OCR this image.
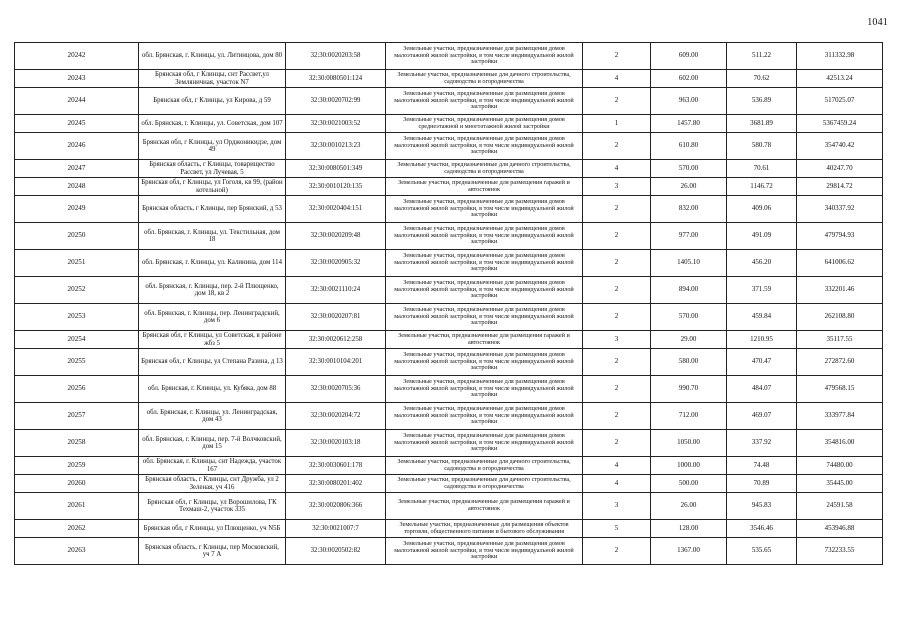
1041
20242	обл. Брянская, г. Клинцы, ул. Литинцова, дом 80	32:30:0020203:58	Земельные участки, предназначенные для размещения домов малоэтажной жилой застройки, в том числе индивидуальной жилой застройки	2	609.00	511.22	311332.98
20243	Брянская обл, г Клинцы, снт Рассвет,ул Земляничная, участок N7	32:30:0080501:124	Земельные участки, предназначенные для дачного строительства, садоводства и огородничества	4	602.00	70.62	42513.24
20244	Брянская обл, г Клинцы, ул Кирова, д 59	32:30:0020702:99	Земельные участки, предназначенные для размещения домов малоэтажной жилой застройки, в том числе индивидуальной жилой застройки	2	963.00	536.89	517025.07
20245	обл. Брянская, г. Клинцы, ул. Советская, дом 107	32:30:0021003:52	Земельные участки, предназначенные для размещения домов среднеэтажной и многоэтажной жилой застройки	1	1457.80	3681.89	5367459.24
20246	Брянская обл, г Клинцы, ул Орджоникидзе, дом 49	32:30:0010213:23	Земельные участки, предназначенные для размещения домов малоэтажной жилой застройки, в том числе индивидуальной жилой застройки	2	610.80	580.78	354740.42
20247	Брянская область, г Клинцы, товарищество Рассвет, ул Лучевая, 5	32:30:0080501:349	Земельные участки, предназначенные для дачного строительства, садоводства и огородничества	4	570.00	70.61	40247.70
20248	Брянская обл, г Клинцы, ул Гоголя, кв 99, (район котельной)	32:30:0010120:135	Земельные участки, предназначенные для размещения гаражей и автостоянок	3	26.00	1146.72	29814.72
20249	Брянская область, г Клинцы, пер Брянский, д 53	32:30:0020404:151	Земельные участки, предназначенные для размещения домов малоэтажной жилой застройки, в том числе индивидуальной жилой застройки	2	832.00	409.06	340337.92
20250	обл. Брянская, г. Клинцы, ул. Текстильная, дом 18	32:30:0020209:48	Земельные участки, предназначенные для размещения домов малоэтажной жилой застройки, в том числе индивидуальной жилой застройки	2	977.00	491.09	479794.93
20251	обл. Брянская, г. Клинцы, ул. Калинина, дом 114	32:30:0020905:32	Земельные участки, предназначенные для размещения домов малоэтажной жилой застройки, в том числе индивидуальной жилой застройки	2	1405.10	456.20	641006.62
20252	обл. Брянская, г. Клинцы, пер. 2-й Плющенко, дом 18, кв 2	32:30:0021110:24	Земельные участки, предназначенные для размещения домов малоэтажной жилой застройки, в том числе индивидуальной жилой застройки	2	894.00	371.59	332201.46
20253	обл. Брянская, г. Клинцы, пер. Ленинградский, дом 6	32:30:0020207:81	Земельные участки, предназначенные для размещения домов малоэтажной жилой застройки, в том числе индивидуальной жилой застройки	2	570.00	459.84	262108.80
20254	Брянская обл, г Клинцы, ул Советская, в районе жбз 5	32:30:0020612:258	Земельные участки, предназначенные для размещения гаражей и автостоянок	3	29.00	1210.95	35117.55
20255	Брянская обл, г Клинцы, ул Степана Разина, д 13	32:30:0010104:201	Земельные участки, предназначенные для размещения домов малоэтажной жилой застройки, в том числе индивидуальной жилой застройки	2	580.00	470.47	272872.60
20256	обл. Брянская, г. Клинцы, ул. Кубяка, дом 88	32:30:0020705:36	Земельные участки, предназначенные для размещения домов малоэтажной жилой застройки, в том числе индивидуальной жилой застройки	2	990.70	484.07	479568.15
20257	обл. Брянская, г. Клинцы, ул. Ленинградская, дом 43	32:30:0020204:72	Земельные участки, предназначенные для размещения домов малоэтажной жилой застройки, в том числе индивидуальной жилой застройки	2	712.00	469.07	333977.84
20258	обл. Брянская, г. Клинцы, пер. 7-й Волчковский, дом 15	32:30:0020103:18	Земельные участки, предназначенные для размещения домов малоэтажной жилой застройки, в том числе индивидуальной жилой застройки	2	1050.00	337.92	354816.00
20259	обл. Брянская, г. Клинцы, снт Надежда, участок 167	32:30:0030601:178	Земельные участки, предназначенные для дачного строительства, садоводства и огородничества	4	1000.00	74.48	74480.00
20260	Брянская область, г Клинцы, снт Дружба, ул 2 Зеленая, уч 416	32:30:0080201:402	Земельные участки, предназначенные для дачного строительства, садоводства и огородничества	4	500.00	70.89	35445.00
20261	Брянская обл, г Клинцы, ул Ворошилова, ГК Техмаш-2, участок 335	32:30:0020806:366	Земельные участки, предназначенные для размещения гаражей и автостоянок	3	26.00	945.83	24591.58
20262	Брянская обл, г Клинцы, ул Плющенко, уч N5Б	32:30:0021007:7	Земельные участки, предназначенные для размещения объектов торговли, общественного питания и бытового обслуживания	5	128.00	3546.46	453946.88
20263	Брянская область, г Клинцы, пер Московский, уч 7 А	32:30:0020502:82	Земельные участки, предназначенные для размещения домов малоэтажной жилой застройки, в том числе индивидуальной жилой застройки	2	1367.00	535.65	732233.55
